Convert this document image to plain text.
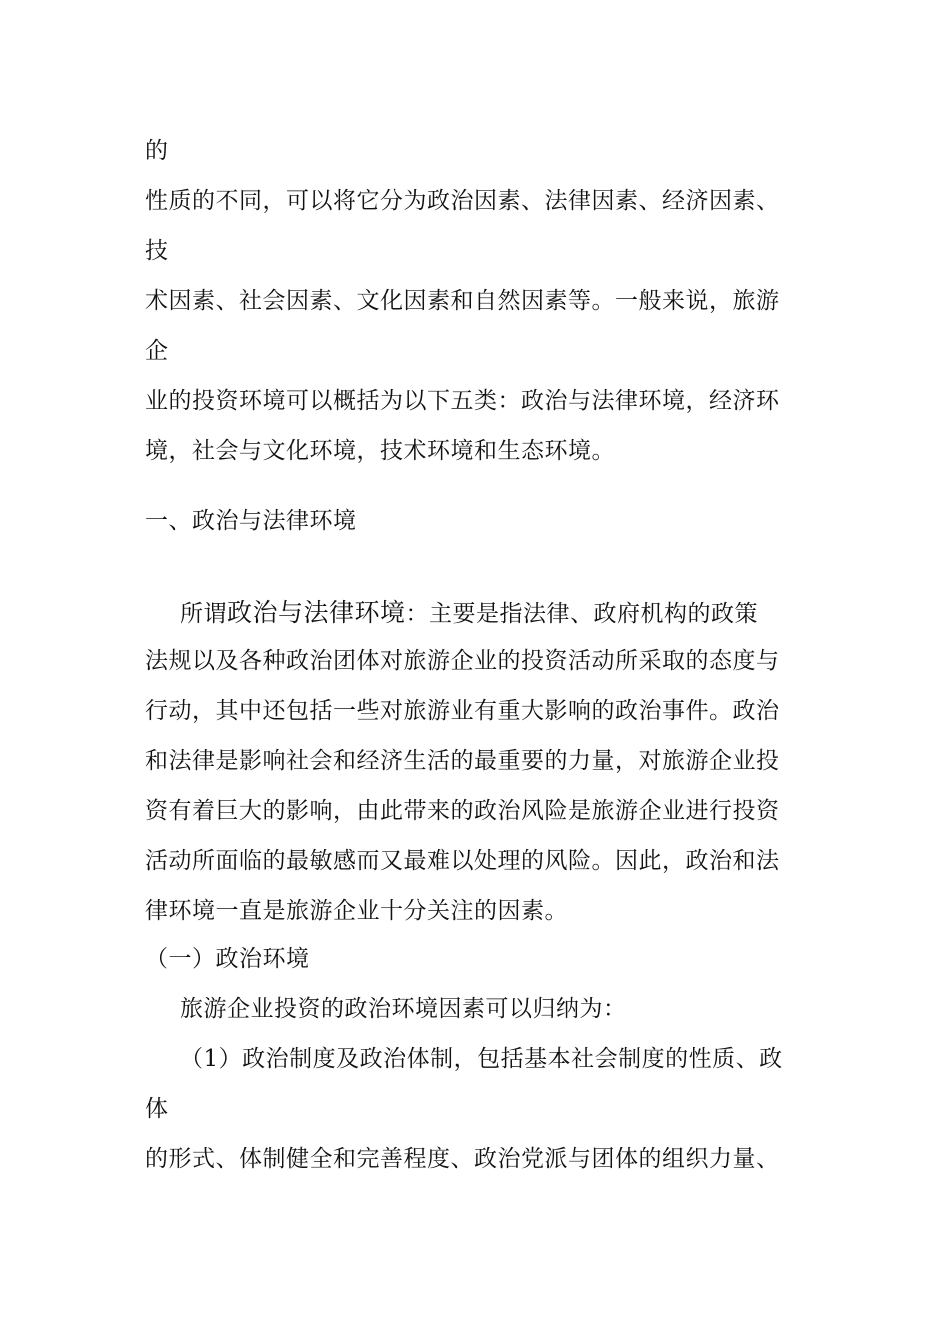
的

性质的不同，可以将它分为政治因素、法律因素、经济因素、

技

术因素、社会因素、文化因素和自然因素等。一般来说，旅游

企

业的投资环境可以概括为以下五类：政治与法律环境，经济环

境，社会与文化环境，技术环境和生态环境。

一、政治与法律环境

所谓政治与法律环境：主要是指法律、政府机构的政策

法规以及各种政治团体对旅游企业的投资活动所采取的态度与

行动，其中还包括一些对旅游业有重大影响的政治事件。政治

和法律是影响社会和经济生活的最重要的力量，对旅游企业投

资有着巨大的影响，由此带来的政治风险是旅游企业进行投资

活动所面临的最敏感而又最难以处理的风险。因此，政治和法

律环境一直是旅游企业十分关注的因素。

（一）政治环境

旅游企业投资的政治环境因素可以归纳为：

（1）政治制度及政治体制，包括基本社会制度的性质、政

体

的形式、体制健全和完善程度、政治党派与团体的组织力量、
